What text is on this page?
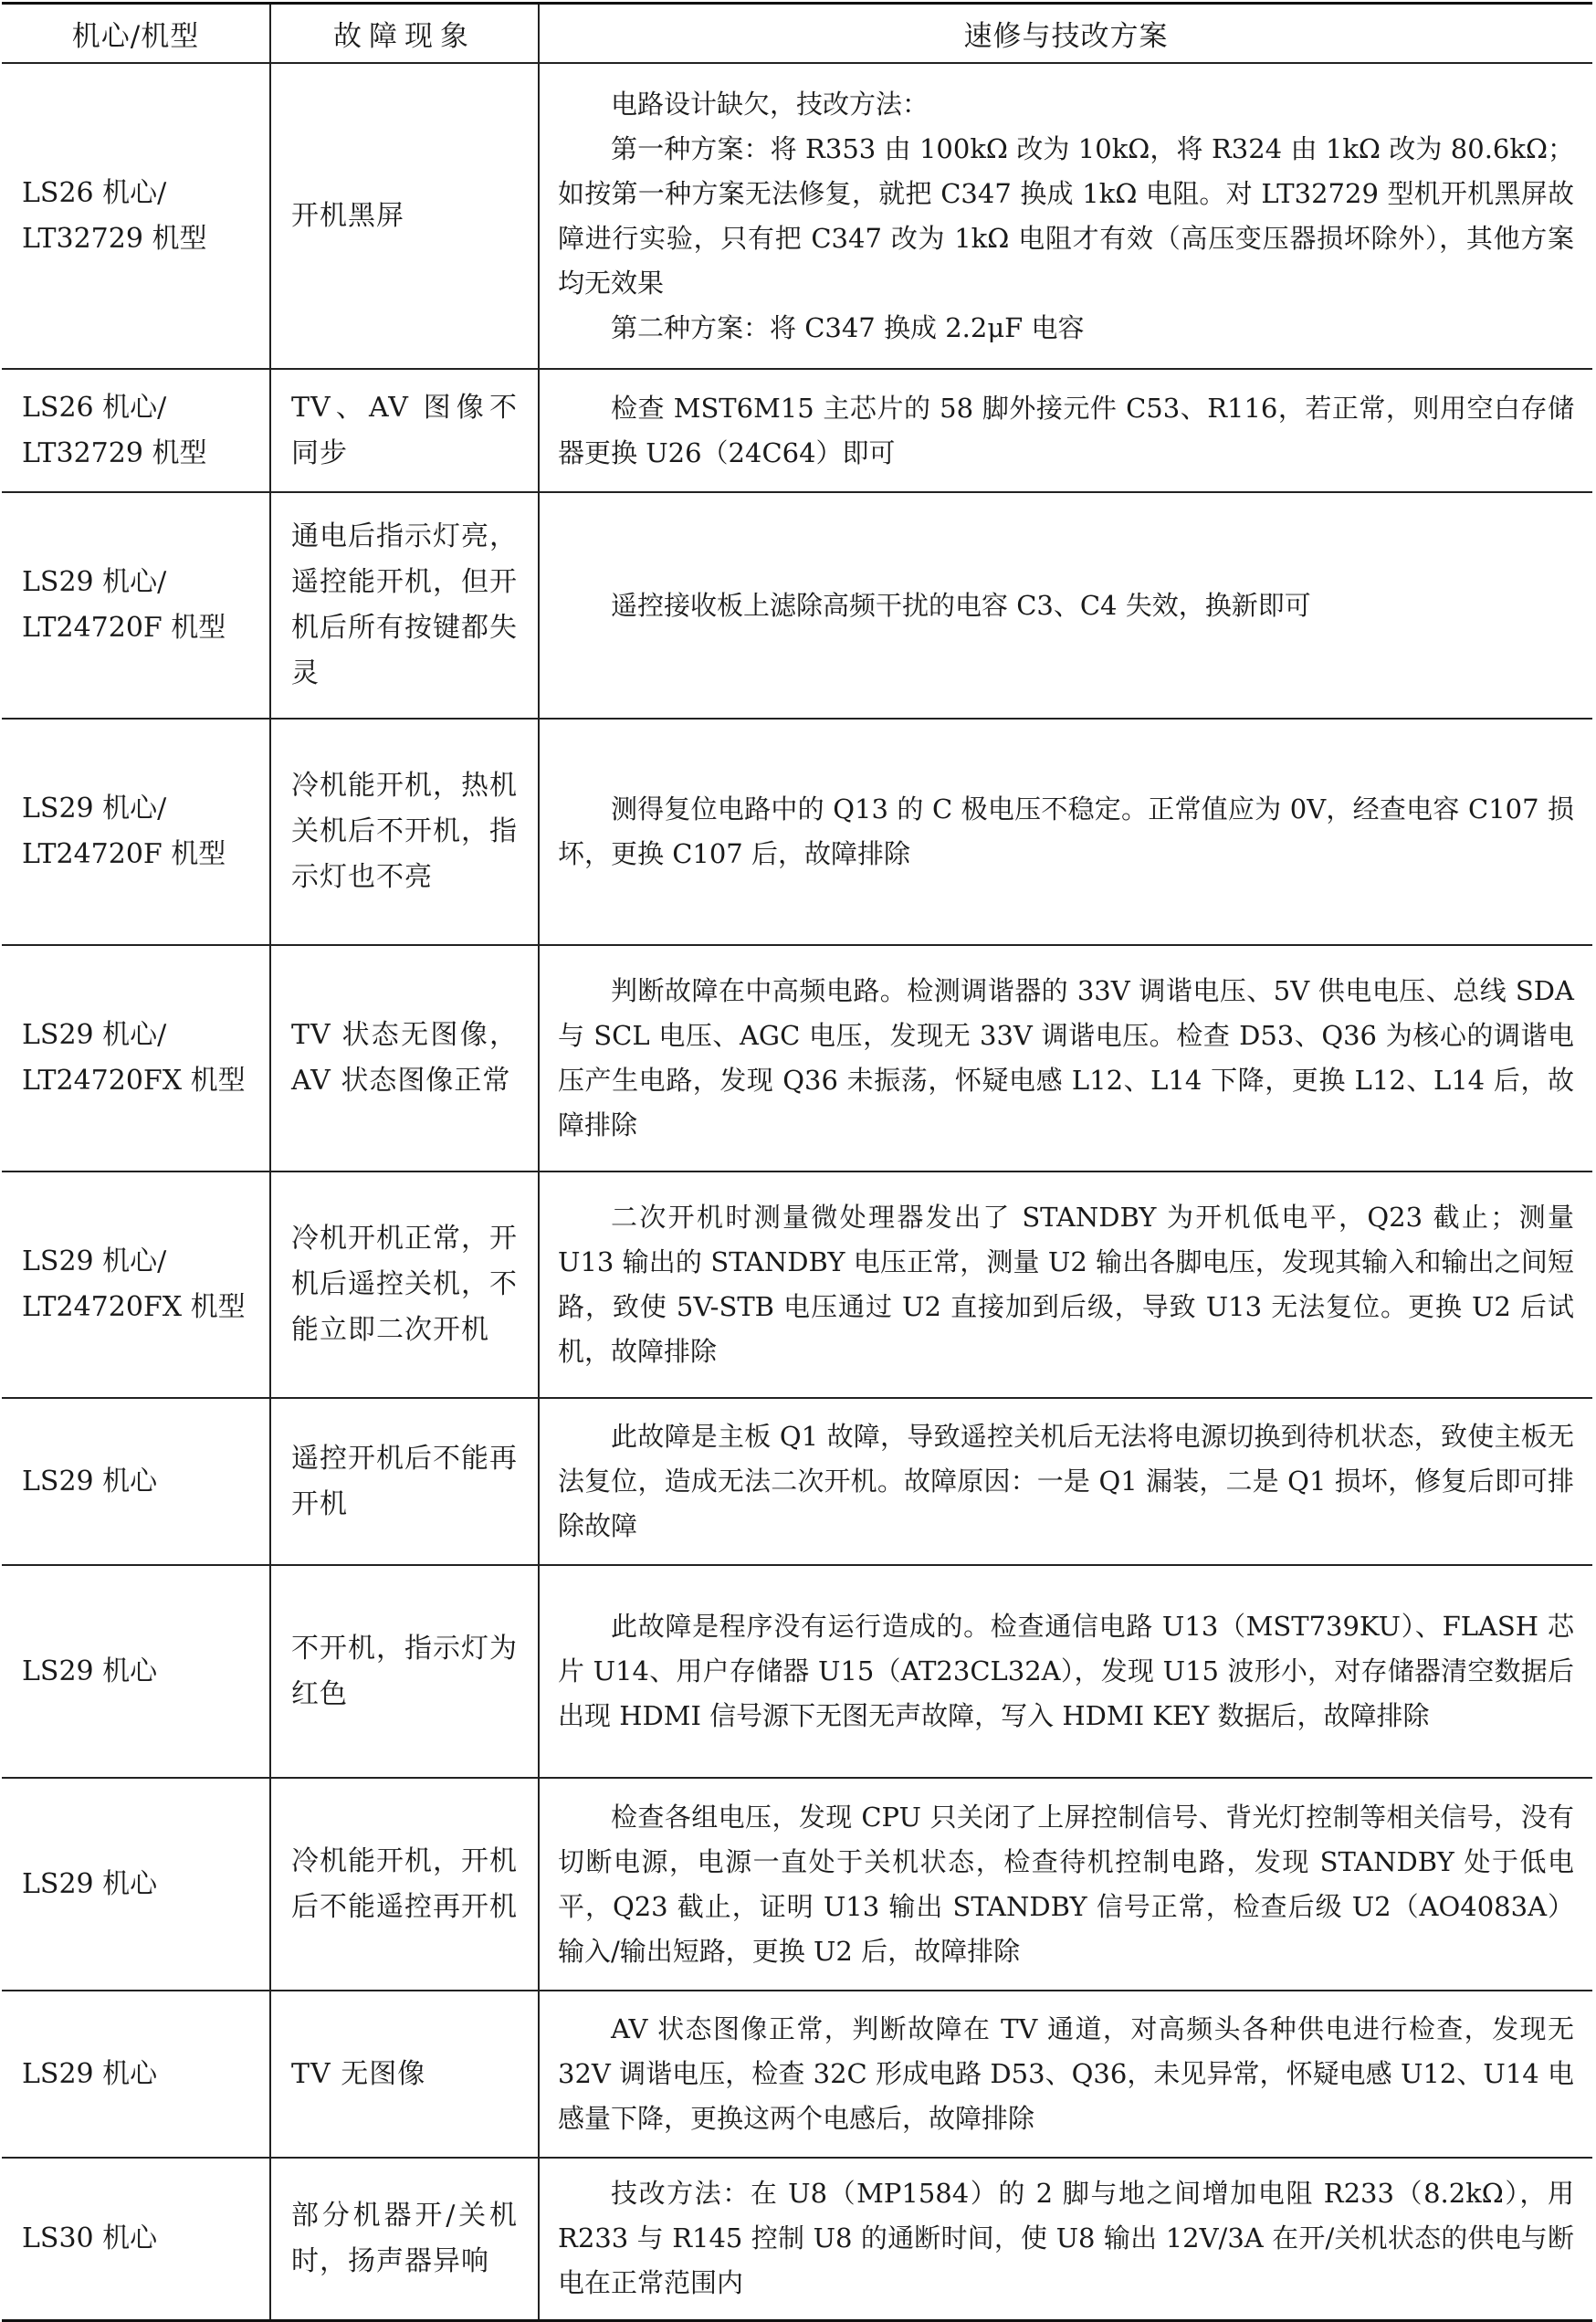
机心/机型	故障现象	速修与技改方案
LS26 机心/ LT32729 机型	开机黑屏	电路设计缺欠，技改方法：
第一种方案：将 R353 由 100kΩ 改为 10kΩ，将 R324 由 1kΩ 改为 80.6kΩ；如按第一种方案无法修复，就把 C347 换成 1kΩ 电阻。对 LT32729 型机开机黑屏故障进行实验，只有把 C347 改为 1kΩ 电阻才有效（高压变压器损坏除外），其他方案均无效果
第二种方案：将 C347 换成 2.2μF 电容

LS26 机心/ LT32729 机型	TV、AV 图像不同步	检查 MST6M15 主芯片的 58 脚外接元件 C53、R116，若正常，则用空白存储器更换 U26（24C64）即可

LS29 机心/ LT24720F 机型	通电后指示灯亮，遥控能开机，但开机后所有按键都失灵	遥控接收板上滤除高频干扰的电容 C3、C4 失效，换新即可

LS29 机心/ LT24720F 机型	冷机能开机，热机关机后不开机，指示灯也不亮	测得复位电路中的 Q13 的 C 极电压不稳定。正常值应为 0V，经查电容 C107 损坏，更换 C107 后，故障排除

LS29 机心/ LT24720FX 机型	TV 状态无图像，AV 状态图像正常	判断故障在中高频电路。检测调谐器的 33V 调谐电压、5V 供电电压、总线 SDA 与 SCL 电压、AGC 电压，发现无 33V 调谐电压。检查 D53、Q36 为核心的调谐电压产生电路，发现 Q36 未振荡，怀疑电感 L12、L14 下降，更换 L12、L14 后，故障排除

LS29 机心/ LT24720FX 机型	冷机开机正常，开机后遥控关机，不能立即二次开机	二次开机时测量微处理器发出了 STANDBY 为开机低电平，Q23 截止；测量 U13 输出的 STANDBY 电压正常，测量 U2 输出各脚电压，发现其输入和输出之间短路，致使 5V-STB 电压通过 U2 直接加到后级，导致 U13 无法复位。更换 U2 后试机，故障排除

LS29 机心	遥控开机后不能再开机	此故障是主板 Q1 故障，导致遥控关机后无法将电源切换到待机状态，致使主板无法复位，造成无法二次开机。故障原因：一是 Q1 漏装，二是 Q1 损坏，修复后即可排除故障

LS29 机心	不开机，指示灯为红色	此故障是程序没有运行造成的。检查通信电路 U13（MST739KU）、FLASH 芯片 U14、用户存储器 U15（AT23CL32A），发现 U15 波形小，对存储器清空数据后出现 HDMI 信号源下无图无声故障，写入 HDMI KEY 数据后，故障排除

LS29 机心	冷机能开机，开机后不能遥控再开机	检查各组电压，发现 CPU 只关闭了上屏控制信号、背光灯控制等相关信号，没有切断电源，电源一直处于关机状态，检查待机控制电路，发现 STANDBY 处于低电平，Q23 截止，证明 U13 输出 STANDBY 信号正常，检查后级 U2（AO4083A）输入/输出短路，更换 U2 后，故障排除

LS29 机心	TV 无图像	AV 状态图像正常，判断故障在 TV 通道，对高频头各种供电进行检查，发现无 32V 调谐电压，检查 32C 形成电路 D53、Q36，未见异常，怀疑电感 U12、U14 电感量下降，更换这两个电感后，故障排除

LS30 机心	部分机器开/关机时，扬声器异响	技改方法：在 U8（MP1584）的 2 脚与地之间增加电阻 R233（8.2kΩ），用 R233 与 R145 控制 U8 的通断时间，使 U8 输出 12V/3A 在开/关机状态的供电与断电在正常范围内
